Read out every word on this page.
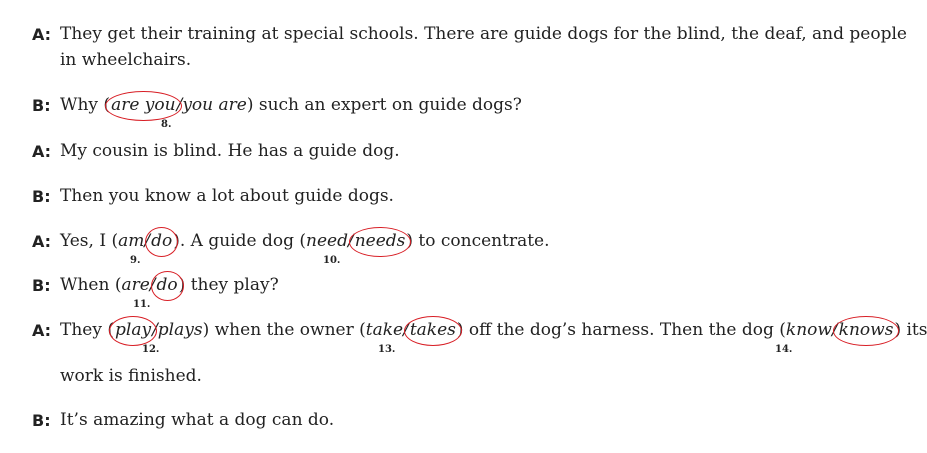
A: They get their training at special schools. There are guide dogs for the blind, the deaf, and people
in wheelchairs.
B: Why (are you/you are) such an expert on guide dogs?
8.
A: My cousin is blind. He has a guide dog.
B: Then you know a lot about guide dogs.
A: Yes, I (am/do). A guide dog (need/needs) to concentrate.
9.	10.
B: When (are/do) they play?
11.
A: They (play/plays) when the owner (take/takes) off the dog’s harness. Then the dog (know/knows) its
12.	13.	14.
work is finished.
B: It’s amazing what a dog can do.
